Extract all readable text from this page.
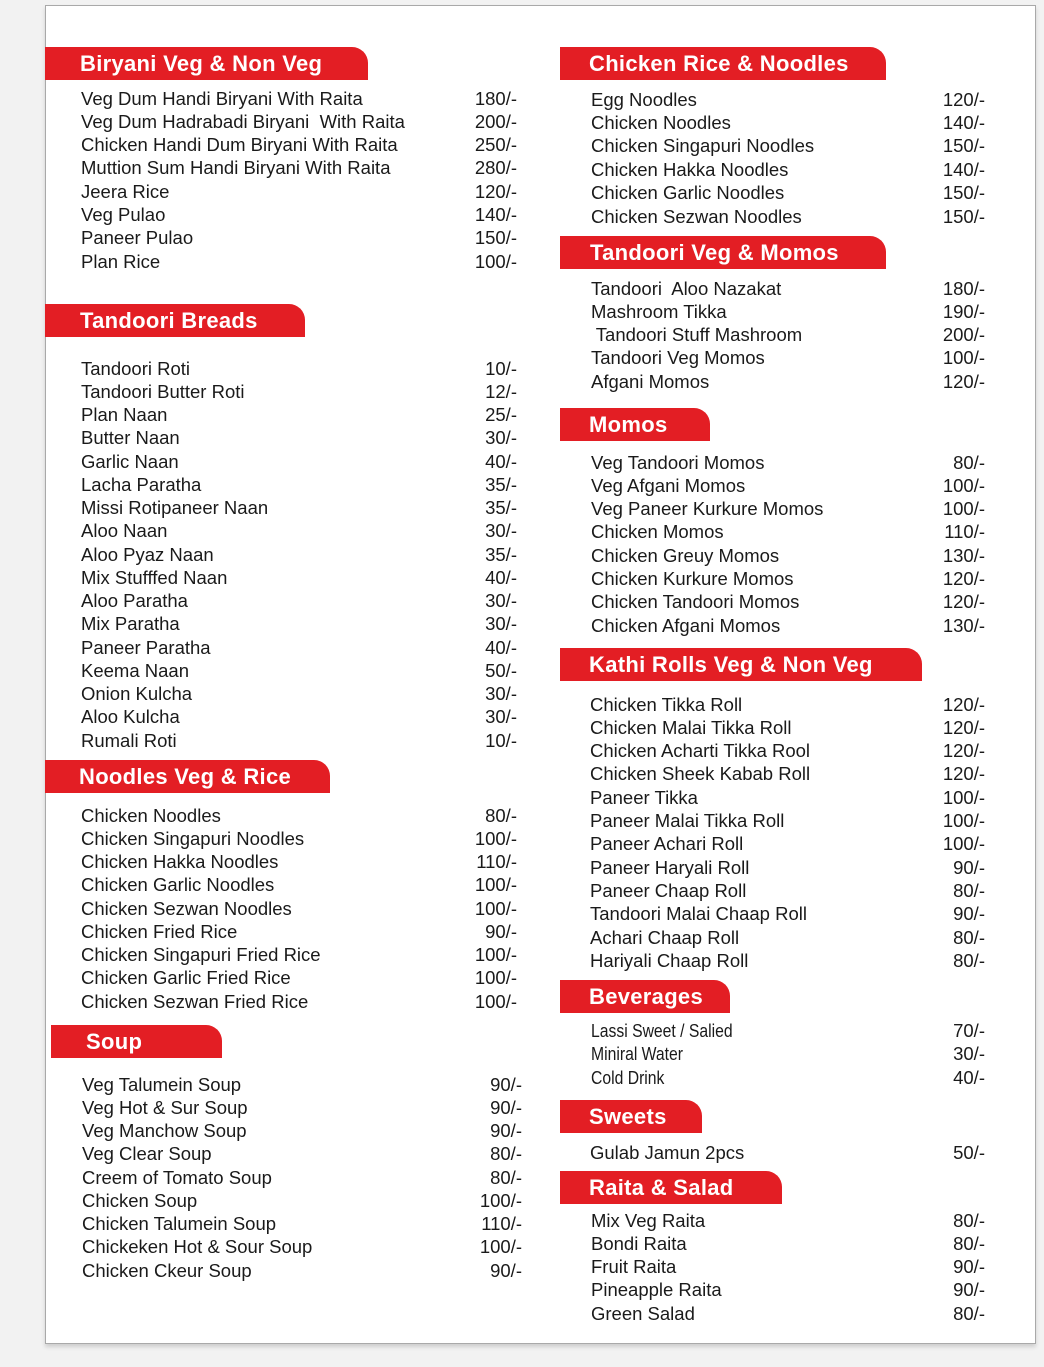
Biryani Veg & Non Veg
Veg Dum Handi Biryani With Raita	180/-
Veg Dum Hadrabadi Biryani  With Raita	200/-
Chicken Handi Dum Biryani With Raita	250/-
Muttion Sum Handi Biryani With Raita	280/-
Jeera Rice	120/-
Veg Pulao	140/-
Paneer Pulao	150/-
Plan Rice	100/-
Tandoori Breads
Tandoori Roti	10/-
Tandoori Butter Roti	12/-
Plan Naan	25/-
Butter Naan	30/-
Garlic Naan	40/-
Lacha Paratha	35/-
Missi Rotipaneer Naan	35/-
Aloo Naan	30/-
Aloo Pyaz Naan	35/-
Mix Stufffed Naan	40/-
Aloo Paratha	30/-
Mix Paratha	30/-
Paneer Paratha	40/-
Keema Naan	50/-
Onion Kulcha	30/-
Aloo Kulcha	30/-
Rumali Roti	10/-
Noodles Veg & Rice
Chicken Noodles	80/-
Chicken Singapuri Noodles	100/-
Chicken Hakka Noodles	110/-
Chicken Garlic Noodles	100/-
Chicken Sezwan Noodles	100/-
Chicken Fried Rice	90/-
Chicken Singapuri Fried Rice	100/-
Chicken Garlic Fried Rice	100/-
Chicken Sezwan Fried Rice	100/-
Soup
Veg Talumein Soup	90/-
Veg Hot & Sur Soup	90/-
Veg Manchow Soup	90/-
Veg Clear Soup	80/-
Creem of Tomato Soup	80/-
Chicken Soup	100/-
Chicken Talumein Soup	110/-
Chickeken Hot & Sour Soup	100/-
Chicken Ckeur Soup	90/-
Chicken Rice & Noodles
Egg Noodles	120/-
Chicken Noodles	140/-
Chicken Singapuri Noodles	150/-
Chicken Hakka Noodles	140/-
Chicken Garlic Noodles	150/-
Chicken Sezwan Noodles	150/-
Tandoori Veg & Momos
Tandoori  Aloo Nazakat	180/-
Mashroom Tikka	190/-
Tandoori Stuff Mashroom	200/-
Tandoori Veg Momos	100/-
Afgani Momos	120/-
Momos
Veg Tandoori Momos	80/-
Veg Afgani Momos	100/-
Veg Paneer Kurkure Momos	100/-
Chicken Momos	110/-
Chicken Greuy Momos	130/-
Chicken Kurkure Momos	120/-
Chicken Tandoori Momos	120/-
Chicken Afgani Momos	130/-
Kathi Rolls Veg & Non Veg
Chicken Tikka Roll	120/-
Chicken Malai Tikka Roll	120/-
Chicken Acharti Tikka Rool	120/-
Chicken Sheek Kabab Roll	120/-
Paneer Tikka	100/-
Paneer Malai Tikka Roll	100/-
Paneer Achari Roll	100/-
Paneer Haryali Roll	90/-
Paneer Chaap Roll	80/-
Tandoori Malai Chaap Roll	90/-
Achari Chaap Roll	80/-
Hariyali Chaap Roll	80/-
Beverages
Lassi Sweet / Salied	70/-
Miniral Water	30/-
Cold Drink	40/-
Sweets
Gulab Jamun 2pcs	50/-
Raita & Salad
Mix Veg Raita	80/-
Bondi Raita	80/-
Fruit Raita	90/-
Pineapple Raita	90/-
Green Salad	80/-
